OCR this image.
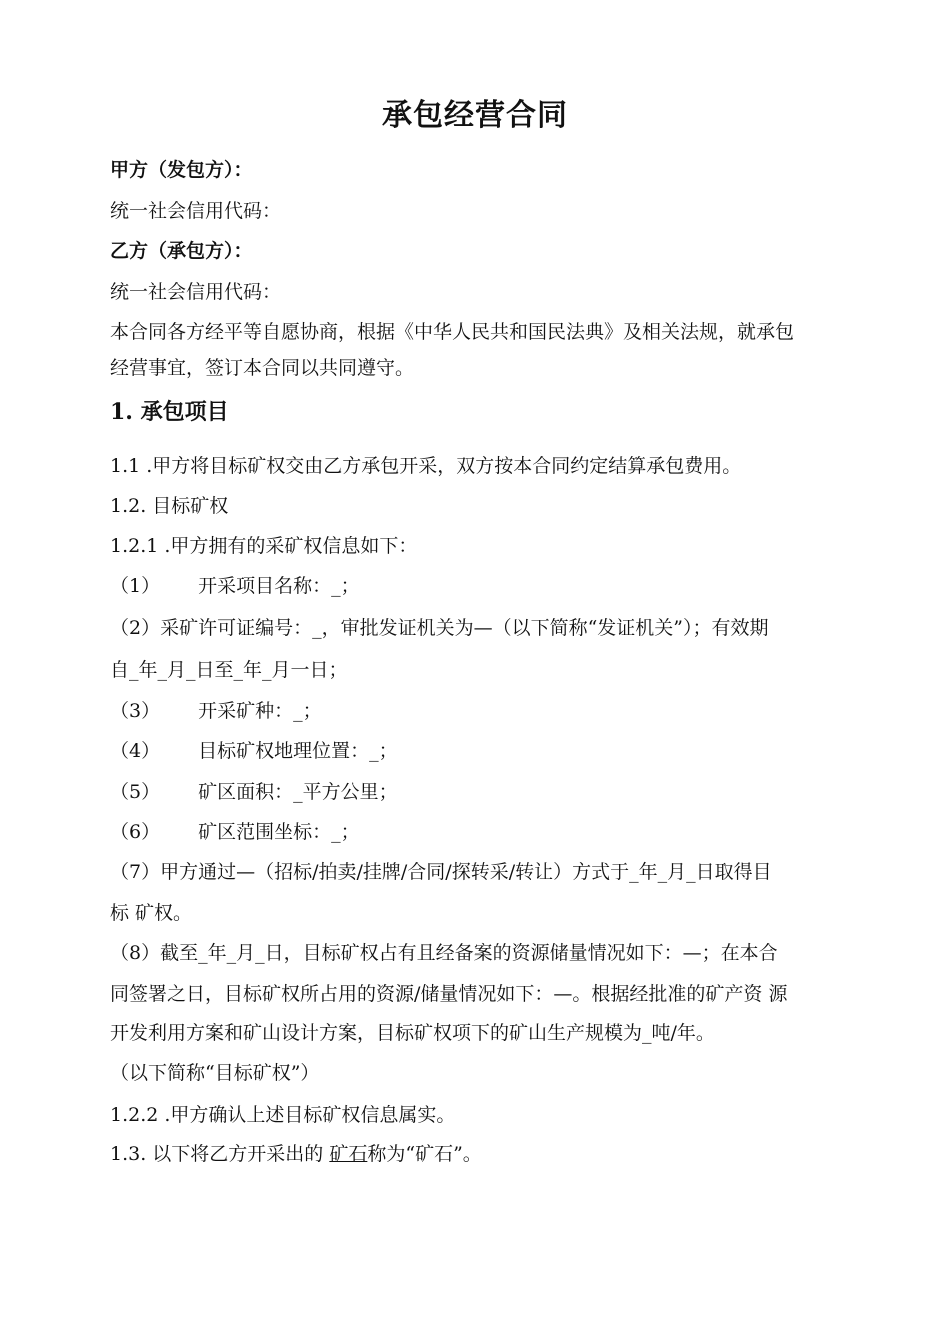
承包经营合同
甲方（发包方）：
统一社会信用代码：
乙方（承包方）：
统一社会信用代码：
本合同各方经平等自愿协商，根据《中华人民共和国民法典》及相关法规，就承包
经营事宜，签订本合同以共同遵守。
1. 承包项目
1.1 .甲方将目标矿权交由乙方承包开采，双方按本合同约定结算承包费用。
1.2. 目标矿权
1.2.1 .甲方拥有的采矿权信息如下：
（1） 开采项目名称：_；
（2）采矿许可证编号：_，审批发证机关为—（以下简称“发证机关”）；有效期
自_年_月_日至_年_月一日；
（3） 开采矿种：_；
（4） 目标矿权地理位置：_；
（5） 矿区面积：_平方公里；
（6） 矿区范围坐标：_；
（7）甲方通过—（招标/拍卖/挂牌/合同/探转采/转让）方式于_年_月_日取得目
标 矿权。
（8）截至_年_月_日，目标矿权占有且经备案的资源储量情况如下：—；在本合
同签署之日，目标矿权所占用的资源/储量情况如下：—。根据经批准的矿产资 源
开发利用方案和矿山设计方案，目标矿权项下的矿山生产规模为_吨/年。
（以下简称“目标矿权”）
1.2.2 .甲方确认上述目标矿权信息属实。
1.3. 以下将乙方开采出的 矿石称为“矿石”。
